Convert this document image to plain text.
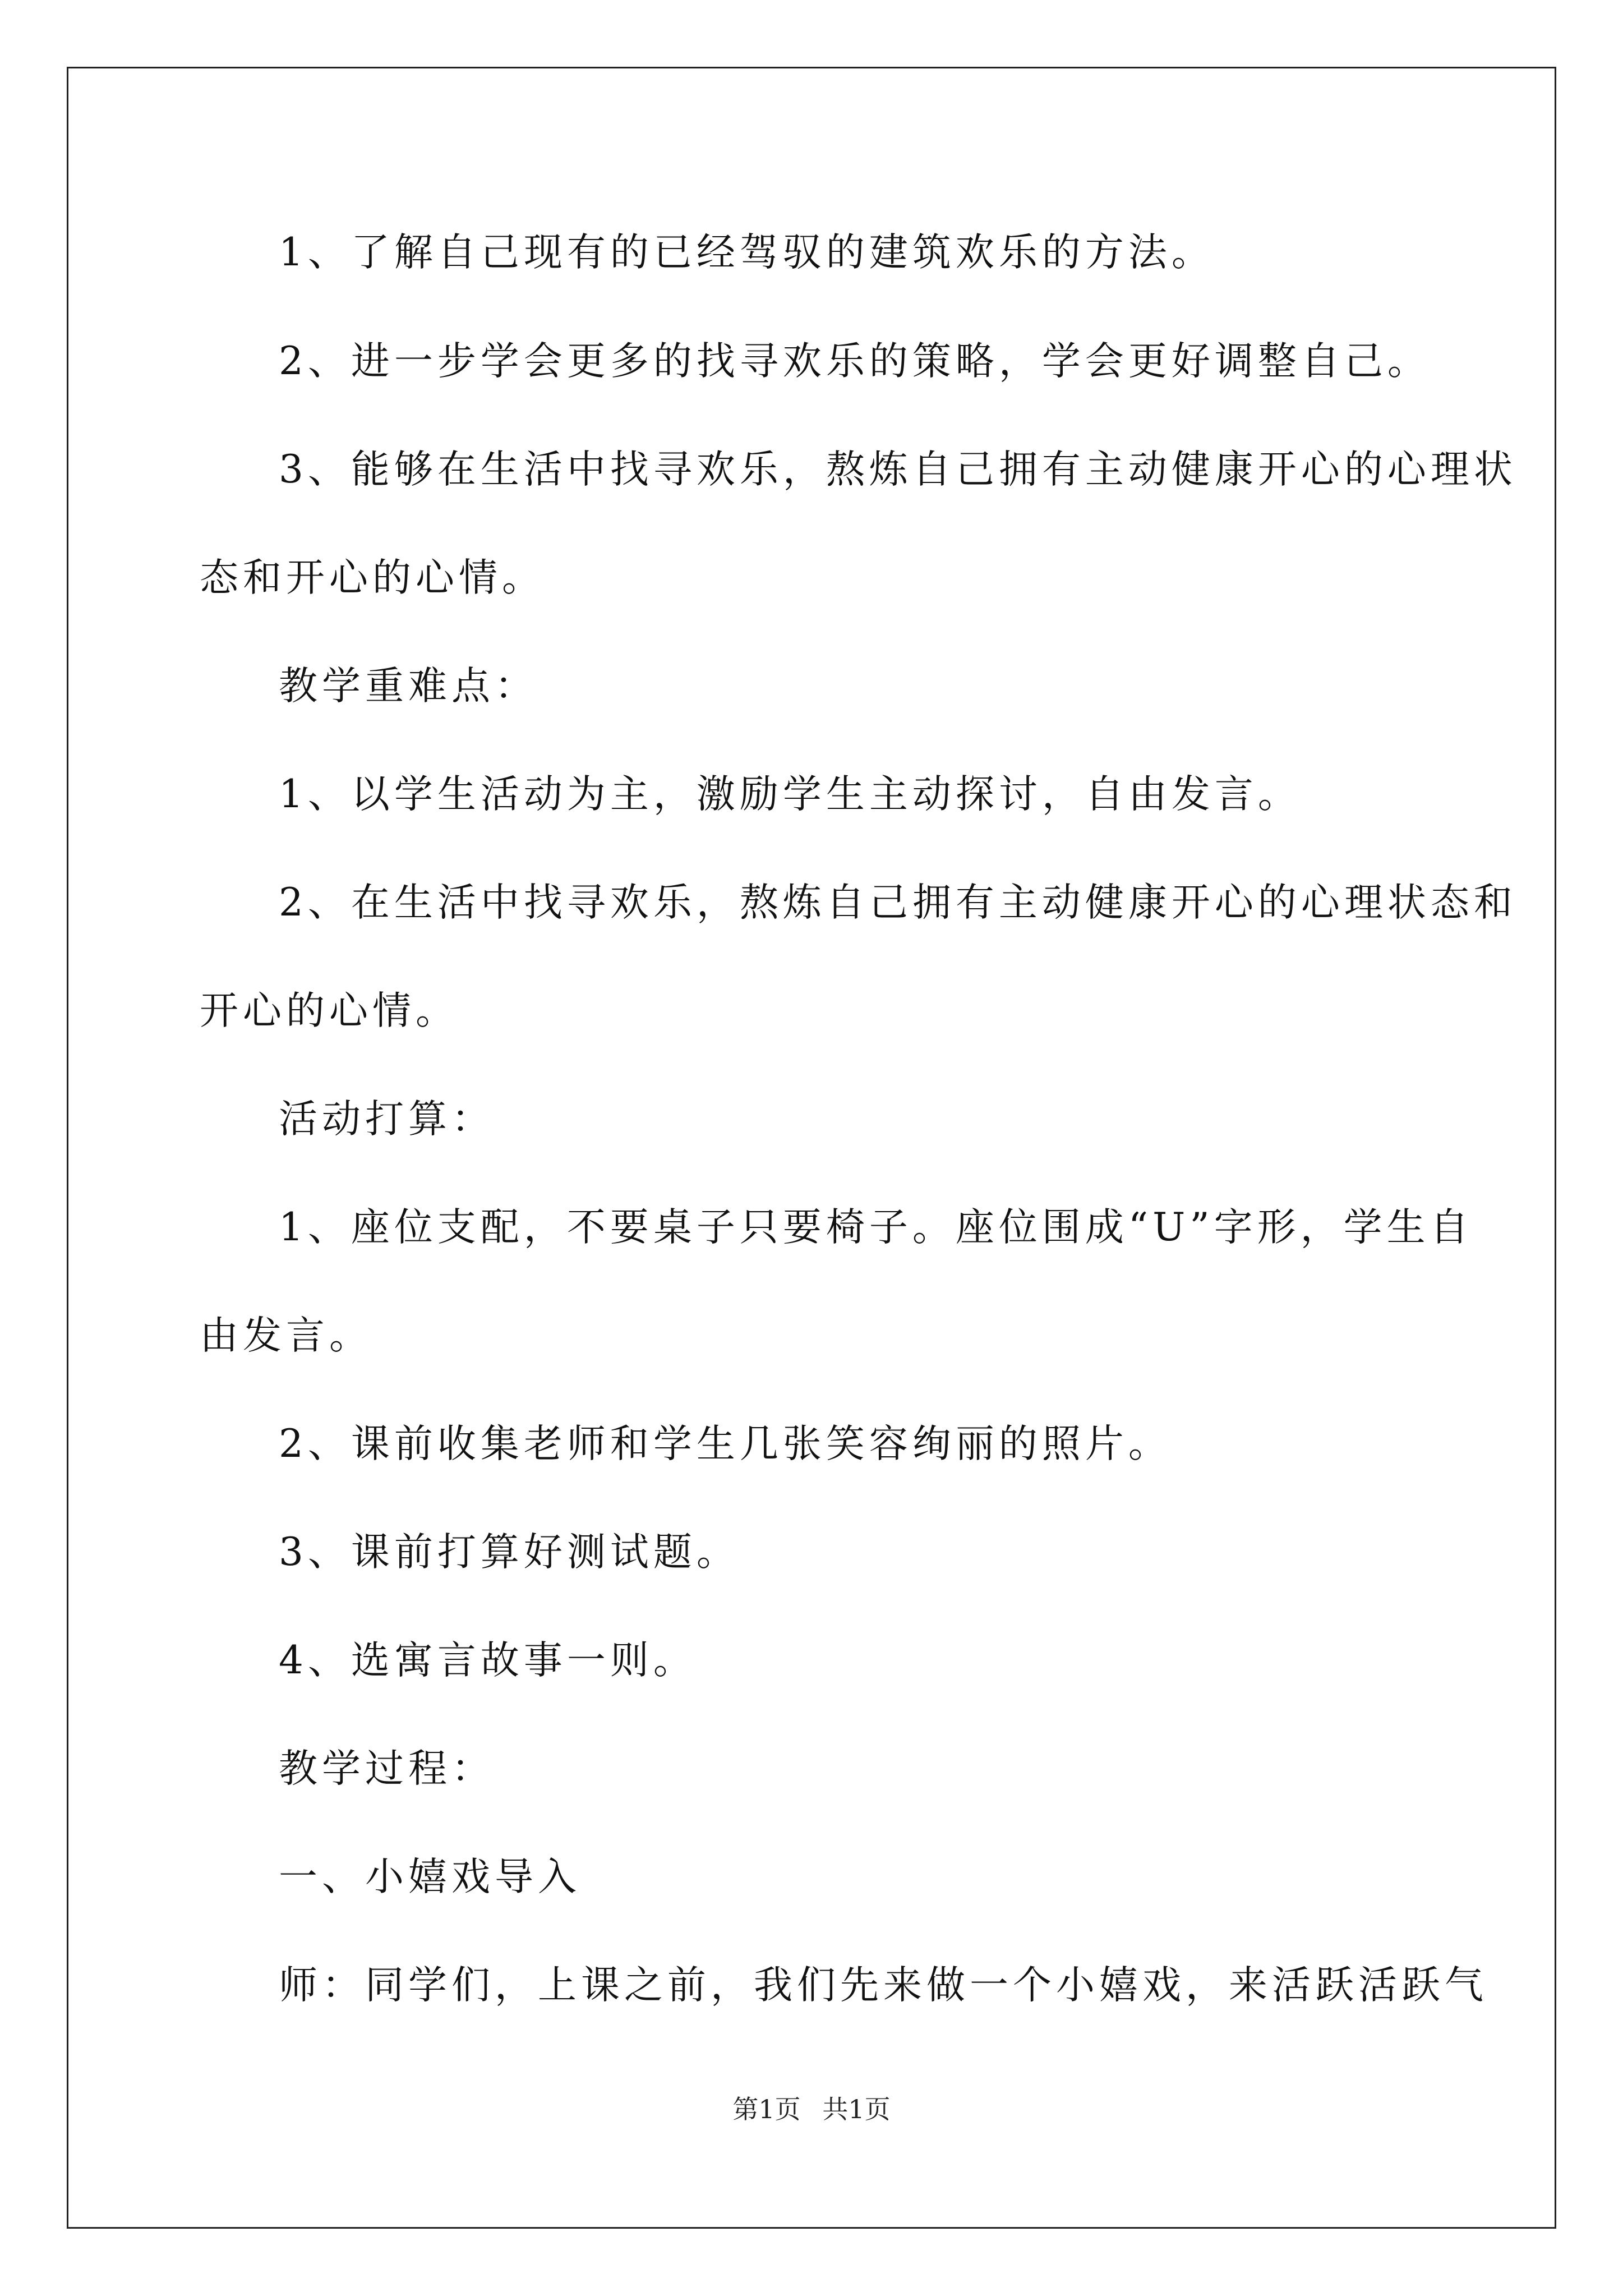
1、了解自己现有的已经驾驭的建筑欢乐的方法。
2、进一步学会更多的找寻欢乐的策略，学会更好调整自己。
3、能够在生活中找寻欢乐，熬炼自己拥有主动健康开心的心理状
态和开心的心情。
教学重难点：
1、以学生活动为主，激励学生主动探讨，自由发言。
2、在生活中找寻欢乐，熬炼自己拥有主动健康开心的心理状态和
开心的心情。
活动打算：
1、座位支配，不要桌子只要椅子。座位围成“U”字形，学生自
由发言。
2、课前收集老师和学生几张笑容绚丽的照片。
3、课前打算好测试题。
4、选寓言故事一则。
教学过程：
一、小嬉戏导入
师：同学们，上课之前，我们先来做一个小嬉戏，来活跃活跃气
第1页 共1页
